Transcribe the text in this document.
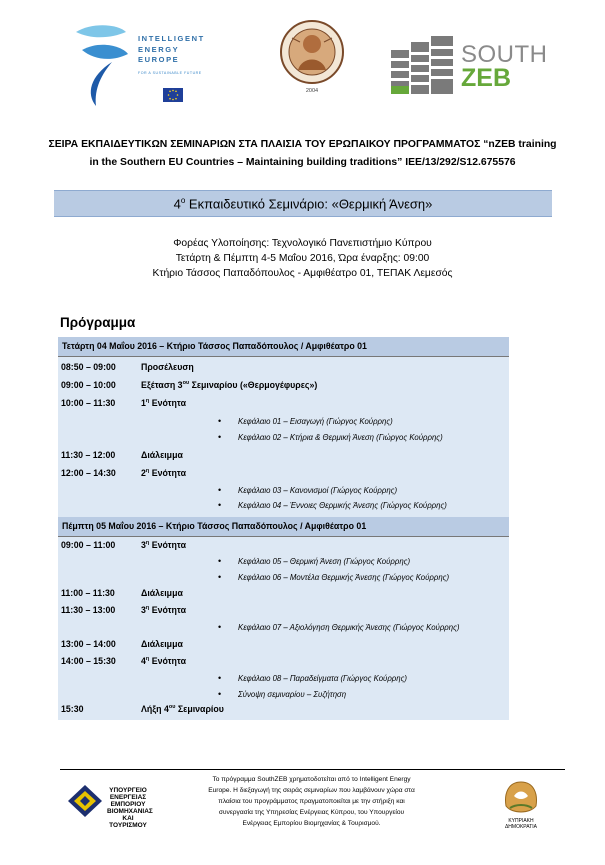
INTELLIGENT
ENERGY
EUROPE
FOR A SUSTAINABLE FUTURE
2004
SOUTH
ZEB
ΣΕΙΡΑ ΕΚΠΑΙΔΕΥΤΙΚΩΝ ΣΕΜΙΝΑΡΙΩΝ ΣΤΑ ΠΛΑΙΣΙΑ ΤΟΥ ΕΡΩΠΑΙΚΟΥ ΠΡΟΓΡΑΜΜΑΤΟΣ “nZEB training
in the Southern EU Countries – Maintaining building traditions” IEE/13/292/S12.675576
$4^o$ Εκπαιδευτικό Σεμινάριο: «Θερμική Άνεση»
Φορέας Υλοποίησης: Τεχνολογικό Πανεπιστήμιο Κύπρου
Τετάρτη & Πέμπτη 4-5 Μαΐου 2016, Ώρα έναρξης: 09:00
Κτήριο Τάσσος Παπαδόπουλος - Αμφιθέατρο 01, ΤΕΠΑΚ Λεμεσός
Πρόγραμμα
Τετάρτη 04 Μαΐου 2016 – Κτήριο Τάσσος Παπαδόπουλος / Αμφιθέατρο 01
08:50 – 09:00	Προσέλευση
09:00 – 10:00	Εξέταση $3^{o\upsilon}$ Σεμιναρίου («Θερμογέφυρες»)
10:00 – 11:30	$1^\eta$ Ενότητα
• Κεφάλαιο 01 – Εισαγωγή (Γιώργος Κούρρης)
• Κεφάλαιο 02 – Κτήρια & Θερμική Άνεση (Γιώργος Κούρρης)
11:30 – 12:00	Διάλειμμα
12:00 – 14:30	$2^\eta$ Ενότητα
• Κεφάλαιο 03 – Κανονισμοί (Γιώργος Κούρρης)
• Κεφάλαιο 04 – Έννοιες Θερμικής Άνεσης (Γιώργος Κούρρης)
Πέμπτη 05 Μαΐου 2016 – Κτήριο Τάσσος Παπαδόπουλος / Αμφιθέατρο 01
09:00 – 11:00	$3^\eta$ Ενότητα
• Κεφάλαιο 05 – Θερμική Άνεση (Γιώργος Κούρρης)
• Κεφάλαιο 06 – Μοντέλα Θερμικής Άνεσης (Γιώργος Κούρρης)
11:00 – 11:30	Διάλειμμα
11:30 – 13:00	$3^\eta$ Ενότητα
• Κεφάλαιο 07 – Αξιολόγηση Θερμικής Άνεσης (Γιώργος Κούρρης)
13:00 – 14:00	Διάλειμμα
14:00 – 15:30	$4^\eta$ Ενότητα
• Κεφάλαιο 08 – Παραδείγματα (Γιώργος Κούρρης)
• Σύνοψη σεμιναρίου – Συζήτηση
15:30	Λήξη $4^{o\upsilon}$ Σεμιναρίου
ΥΠΟΥΡΓΕΙΟ ΕΝΕΡΓΕΙΑΣ ΕΜΠΟΡΙΟΥ ΒΙΟΜΗΧΑΝΙΑΣ ΚΑΙ ΤΟΥΡΙΣΜΟΥ
Το πρόγραμμα SouthZEB χρηματοδοτείται από το Intelligent Energy
Europe. Η διεξαγωγή της σειράς σεμιναρίων που λαμβάνουν χώρα στα
πλαίσια του προγράμματος πραγματοποιείται με την στήριξη και
συνεργασία της Υπηρεσίας Ενέργειας Κύπρου, του Υπουργείου
Ενέργειας Εμπορίου Βιομηχανίας & Τουρισμού.	ΚΥΠΡΙΑΚΗ ΔΗΜΟΚΡΑΤΙΑ
